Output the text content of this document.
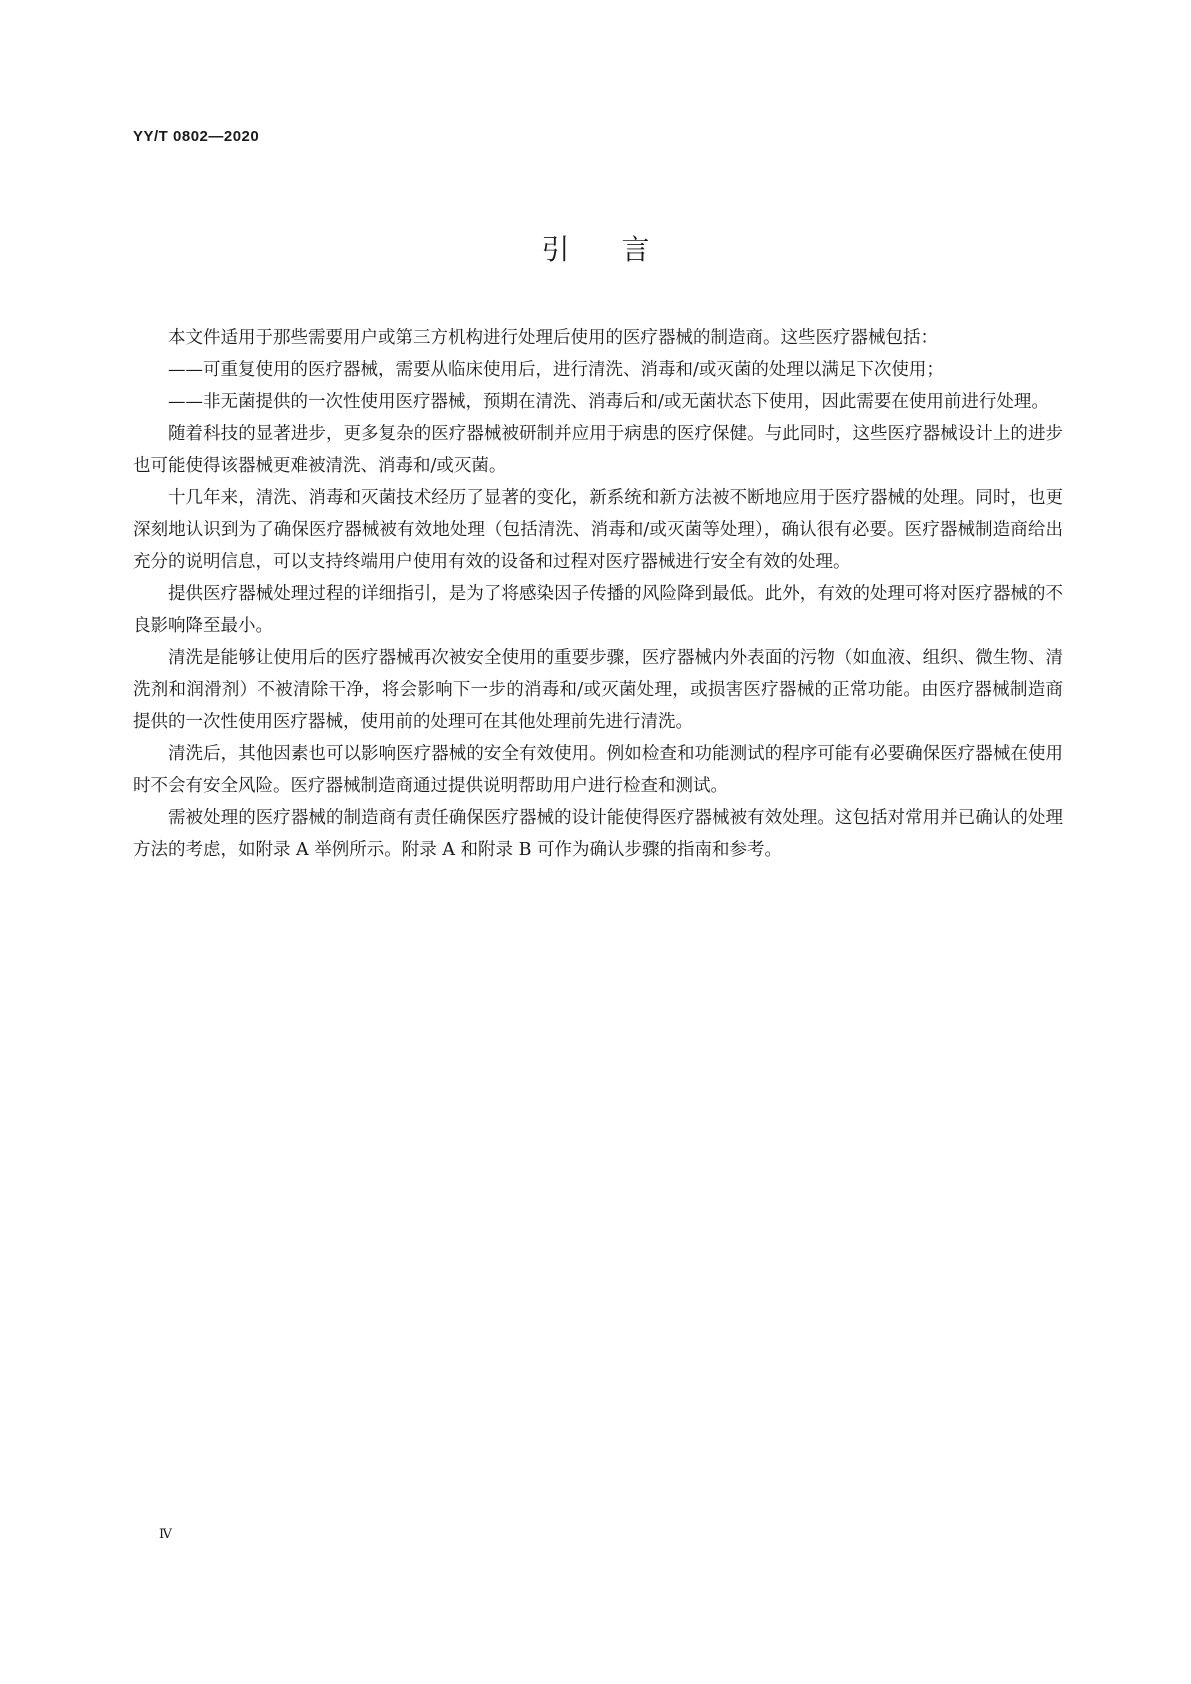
YY/T 0802—2020
引言

本文件适用于那些需要用户或第三方机构进行处理后使用的医疗器械的制造商。这些医疗器械包括：

——可重复使用的医疗器械，需要从临床使用后，进行清洗、消毒和/或灭菌的处理以满足下次使用；

——非无菌提供的一次性使用医疗器械，预期在清洗、消毒后和/或无菌状态下使用，因此需要在使用前进行处理。

随着科技的显著进步，更多复杂的医疗器械被研制并应用于病患的医疗保健。与此同时，这些医疗器械设计上的进步也可能使得该器械更难被清洗、消毒和/或灭菌。

十几年来，清洗、消毒和灭菌技术经历了显著的变化，新系统和新方法被不断地应用于医疗器械的处理。同时，也更深刻地认识到为了确保医疗器械被有效地处理（包括清洗、消毒和/或灭菌等处理），确认很有必要。医疗器械制造商给出充分的说明信息，可以支持终端用户使用有效的设备和过程对医疗器械进行安全有效的处理。

提供医疗器械处理过程的详细指引，是为了将感染因子传播的风险降到最低。此外，有效的处理可将对医疗器械的不良影响降至最小。

清洗是能够让使用后的医疗器械再次被安全使用的重要步骤，医疗器械内外表面的污物（如血液、组织、微生物、清洗剂和润滑剂）不被清除干净，将会影响下一步的消毒和/或灭菌处理，或损害医疗器械的正常功能。由医疗器械制造商提供的一次性使用医疗器械，使用前的处理可在其他处理前先进行清洗。

清洗后，其他因素也可以影响医疗器械的安全有效使用。例如检查和功能测试的程序可能有必要确保医疗器械在使用时不会有安全风险。医疗器械制造商通过提供说明帮助用户进行检查和测试。

需被处理的医疗器械的制造商有责任确保医疗器械的设计能使得医疗器械被有效处理。这包括对常用并已确认的处理方法的考虑，如附录 A 举例所示。附录 A 和附录 B 可作为确认步骤的指南和参考。

Ⅳ
